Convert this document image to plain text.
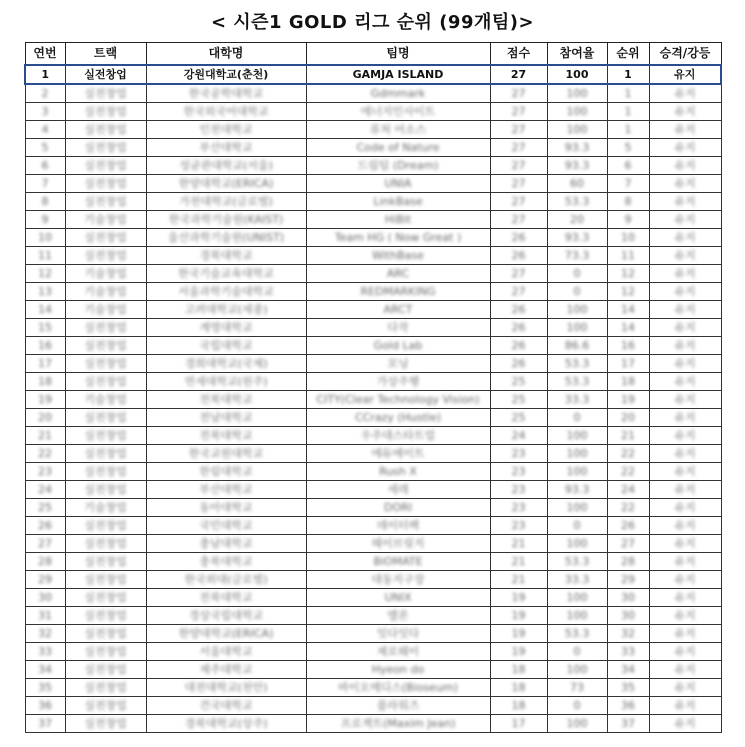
< 시즌1 GOLD 리그 순위 (99개팀)>
연번	트랙	대학명	팀명	점수	참여율	순위	승격/강등
1	실전창업	강원대학교(춘천)	GAMJA ISLAND	27	100	1	유지
2	실전창업	한국공학대학교	Gdmmark	27	100	1	유지
3	실전창업	한국외국어대학교	에너지인사이트	27	100	1	유지
4	실전창업	인천대학교	퓨처 어소스	27	100	1	유지
5	실전창업	부산대학교	Code of Nature	27	93.3	5	유지
6	실전창업	성균관대학교(서울)	드림팀 (Dream)	27	93.3	6	유지
7	실전창업	한양대학교(ERICA)	UNIA	27	60	7	유지
8	실전창업	가천대학교(글로벌)	LinkBase	27	53.3	8	유지
9	기술창업	한국과학기술원(KAIST)	HiBit	27	20	9	유지
10	실전창업	울산과학기술원(UNIST)	Team HG ( Now Great )	26	93.3	10	유지
11	실전창업	경북대학교	WithBase	26	73.3	11	유지
12	기술창업	한국기술교육대학교	ARC	27	0	12	유지
13	기술창업	서울과학기술대학교	REDMARKING	27	0	12	유지
14	기술창업	고려대학교(세종)	ARCT	26	100	14	유지
15	실전창업	계명대학교	다작	26	100	14	유지
16	실전창업	국립대학교	Gold Lab	26	86.6	16	유지
17	실전창업	경희대학교(국제)	모닝	26	53.3	17	유지
18	실전창업	연세대학교(원주)	가상주행	25	53.3	18	유지
19	기술창업	전북대학교	CITY(Clear Technology Vision)	25	33.3	19	유지
20	실전창업	전남대학교	CCrazy (Hustle)	25	0	20	유지
21	실전창업	전북대학교	우주대스타트업	24	100	21	유지
22	실전창업	한국교원대학교	에듀메이트	23	100	22	유지
23	실전창업	한림대학교	Rush X	23	100	22	유지
24	실전창업	부산대학교	세레	23	93.3	24	유지
25	기술창업	동아대학교	DORI	23	100	22	유지
26	실전창업	국민대학교	데이터팩	23	0	26	유지
27	실전창업	충남대학교	헤이브릿지	21	100	27	유지
28	실전창업	충북대학교	BiOMATE	21	53.3	28	유지
29	실전창업	한국외대(글로벌)	대동지구장	21	33.3	29	유지
30	실전창업	전북대학교	UNIX	19	100	30	유지
31	실전창업	경상국립대학교	멜론	19	100	30	유지
32	실전창업	한양대학교(ERICA)	잇다잇다	19	53.3	32	유지
33	실전창업	서울대학교	제로웨이	19	0	33	유지
34	실전창업	제주대학교	Hyeon do	18	100	34	유지
35	실전창업	대전대학교(천안)	바이오메디스(Bioseum)	18	73	35	유지
36	실전창업	건국대학교	플라워즈	18	0	36	유지
37	실전창업	경북대학교(상주)	프로젝트(Maxim Jean)	17	100	37	유지
